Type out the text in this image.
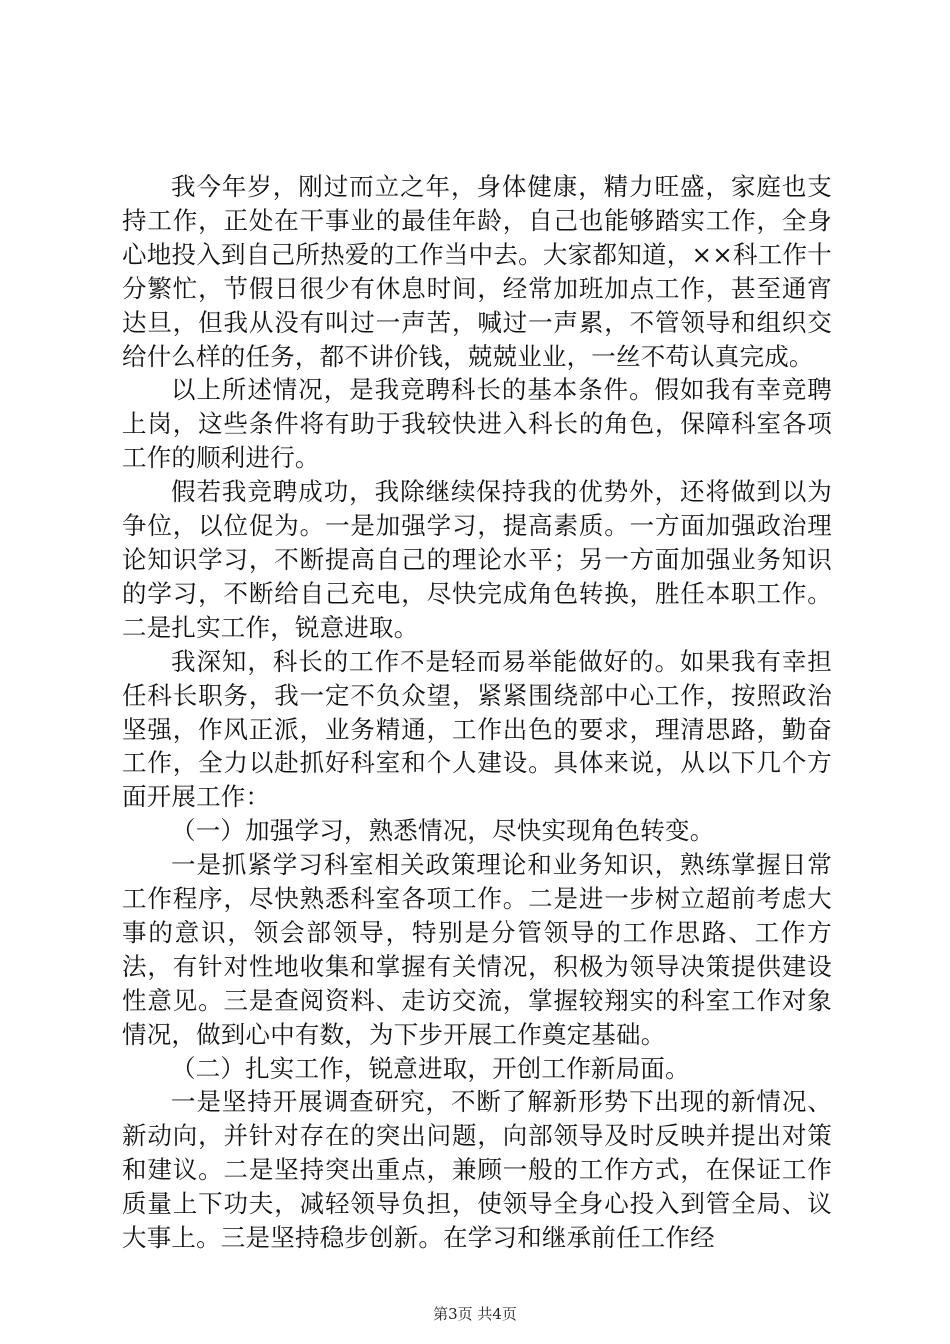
我今年岁，刚过而立之年，身体健康，精力旺盛，家庭也支持工作，正处在干事业的最佳年龄，自己也能够踏实工作，全身心地投入到自己所热爱的工作当中去。大家都知道，××科工作十分繁忙，节假日很少有休息时间，经常加班加点工作，甚至通宵达旦，但我从没有叫过一声苦，喊过一声累，不管领导和组织交给什么样的任务，都不讲价钱，兢兢业业，一丝不苟认真完成。

以上所述情况，是我竞聘科长的基本条件。假如我有幸竞聘上岗，这些条件将有助于我较快进入科长的角色，保障科室各项工作的顺利进行。

假若我竞聘成功，我除继续保持我的优势外，还将做到以为争位，以位促为。一是加强学习，提高素质。一方面加强政治理论知识学习，不断提高自己的理论水平；另一方面加强业务知识的学习，不断给自己充电，尽快完成角色转换，胜任本职工作。二是扎实工作，锐意进取。

我深知，科长的工作不是轻而易举能做好的。如果我有幸担任科长职务，我一定不负众望，紧紧围绕部中心工作，按照政治坚强，作风正派，业务精通，工作出色的要求，理清思路，勤奋工作，全力以赴抓好科室和个人建设。具体来说，从以下几个方面开展工作：

（一）加强学习，熟悉情况，尽快实现角色转变。

一是抓紧学习科室相关政策理论和业务知识，熟练掌握日常工作程序，尽快熟悉科室各项工作。二是进一步树立超前考虑大事的意识，领会部领导，特别是分管领导的工作思路、工作方法，有针对性地收集和掌握有关情况，积极为领导决策提供建设性意见。三是查阅资料、走访交流，掌握较翔实的科室工作对象情况，做到心中有数，为下步开展工作奠定基础。

（二）扎实工作，锐意进取，开创工作新局面。

一是坚持开展调查研究，不断了解新形势下出现的新情况、新动向，并针对存在的突出问题，向部领导及时反映并提出对策和建议。二是坚持突出重点，兼顾一般的工作方式，在保证工作质量上下功夫，减轻领导负担，使领导全身心投入到管全局、议大事上。三是坚持稳步创新。在学习和继承前任工作经

第3页 共4页
